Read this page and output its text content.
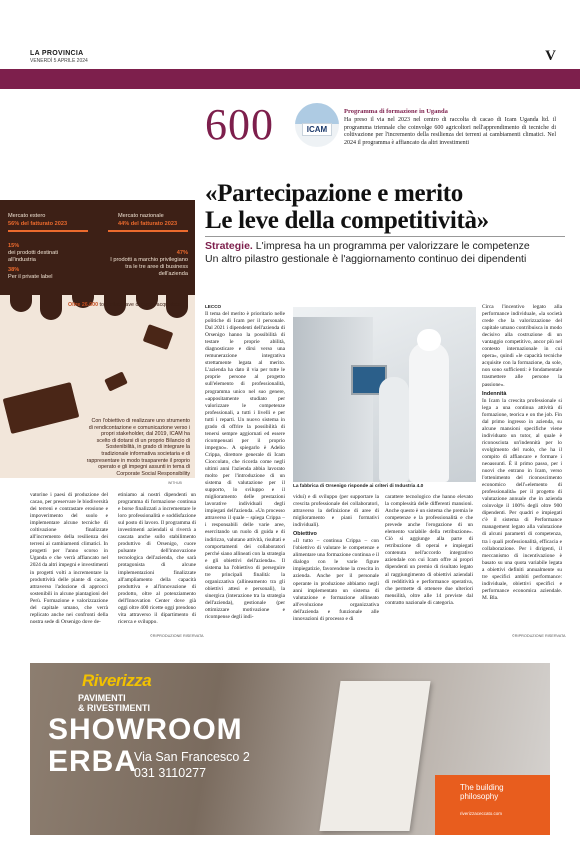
LA PROVINCIA
VENERDÌ 5 APRILE 2024	V
600	ICAM
Programma di formazione in Uganda
Ha preso il via nel 2023 nel centro di raccolta di cacao di Icam Uganda ltd. il programma triennale che coinvolge 600 agricoltori nell'apprendimento di tecniche di coltivazione per l'incremento della resilienza dei terreni ai cambiamenti climatici. Nel 2024 il programma è affiancato da altri investimenti
«Partecipazione e merito
Le leve della competitività»
Strategie. L'impresa ha un programma per valorizzare le competenze
Un altro pilastro gestionale è l'aggiornamento continuo dei dipendenti
Mercato estero
56% del fatturato 2023
Mercato nazionale
44% del fatturato 2023
15%
dei prodotti destinati all'industria
38%
Per il private label
47%
I prodotti a marchio privilegiano tra le tre aree di business dell'azienda
Oltre 26.000 tonnellate fave di cacao acquistate
Con l'obiettivo di realizzare uno strumento di rendicontazione e comunicazione verso i propri stakeholder, dal 2019, ICAM ha scelto di dotarsi di un proprio Bilancio di Sostenibilità, in grado di integrare la tradizionale informativa societaria e di rappresentare in modo trasparente il proprio operato e gli impegni assunti in tema di Corporate Social Responsibility
WITHUB

vatorine i paesi di produzione del cacao, per preservare le biodiversità dei terreni e contrastare erosione e impoverimento del suolo e implementare alcune tecniche di coltivazione finalizzate all'incremento della resilienza dei terreni ai cambiamenti climatici. In progetti per l'anno scorso in Uganda e che verrà affiancato nel 2024 da altri impegni e investimenti in progetti volti a incrementare la produttività delle piante di cacao, attraverso l'adozione di approcci sostenibili in alcune piantagioni del Perù. Formazione e valorizzazione del capitale umano, che verrà replicato anche nei confronti della nostra sede di Orsenigo dove de-

etiniamo ai nostri dipendenti un programma di formazione continua e borse finalizzati a incrementare le loro professionalità e soddisfazione sul posto di lavoro. Il programma di investimenti aziendali si riverrà a cascata anche sullo stabilimento produttivo di Orsenigo, cuore pulsante dell'innovazione tecnologica dell'azienda, che sarà protagonista di alcune implementazioni finalizzate all'ampliamento della capacità produttiva e all'innovazione di prodotto, oltre al potenziamento dell'Innovation Center dove già oggi oltre 400 ricette oggi prendono vita attraverso il dipartimento di ricerca e sviluppo.

©RIPRODUZIONE RISERVATA
LECCO

Il tema del merito è prioritario nelle politiche di Icam per il personale. Dal 2021 i dipendenti dell'azienda di Orsenigo hanno la possibilità di testare le proprie abilità, diagnosticare e dirsi verso una remunerazione integrativa strettamente legata al merito. L'azienda ha dato il via per tutte le proprie persone al progetto sull'elemento di professionalità, programma unico nel suo genere, «appositamente studiato per valorizzare le competenze professionali, a tutti i livelli e per tutti i reparti. Un nuovo sistema in grado di offrire la possibilità di tenersi sempre aggiornati ed essere ricompensati per il proprio impegno». A spiegarlo è Adelio Crippa, direttore generale di Icam Cioccolato, che ricorda come negli ultimi anni l'azienda abbia lavorato molto per l'introduzione di un sistema di valutazione per il supporto, lo sviluppo e il miglioramento delle prestazioni lavorative individuali degli impiegati dell'azienda. «Un processo attraverso il quale – spiega Crippa – i responsabili delle varie aree, esercitando un ruolo di guida e di indirizzo, valutano attività, risultati e comportamenti dei collaboratori perché siano allineati con la strategia e gli obiettivi dell'azienda». Il sistema ha l'obiettivo di perseguire tre principali finalità: la organizzativa (allineamento tra gli obiettivi attesi e personali), la sinergica (interazione tra la strategia dell'azienda), gestionale (per ottimizzare motivazione e ricompense degli indi-

La fabbrica di Orsenigo risponde ai criteri di Industria 4.0

vidui) e di sviluppo (per supportare la crescita professionale dei collaboratori, attraverso la definizione di aree di miglioramento e piani formativi individuali).

Obiettivo

«Il tutto – continua Crippa – con l'obiettivo di valutare le competenze e alimentare una formazione continua e il dialogo con le varie figure impiegatizie, favorendone la crescita in azienda. Anche per il personale operante in produzione abbiamo negli anni implementato un sistema di valutazione e formazione allineato all'evoluzione organizzativa dell'azienda e funzionale alle innovazioni di processo e di

carattere tecnologico che hanno elevato la complessità delle differenti mansioni. Anche questo è un sistema che premia le competenze e la professionalità e che prevede anche l'erogazione di un elemento variabile della retribuzione». Ciò si aggiunge alla parte di retribuzione di operai e impiegati contenuta nell'accordo integrativo aziendale con cui Icam offre ai propri dipendenti un premio di risultato legato al raggiungimento di obiettivi aziendali di redditività e performance operativa, che permette di ottenere due ulteriori mensilità, oltre alle 14 previste dal contratto nazionale di categoria.

Circa l'incentivo legato alla performance individuale, «la società crede che la valorizzazione del capitale umano contribuisca in modo decisivo alla costruzione di un vantaggio competitivo, ancor più nel contesto internazionale in cui opera», quindi «le capacità tecniche acquisite con la formazione, da sole, non sono sufficienti: è fondamentale trasmettere alle persone la passione».

Indennità

In Icam la crescita professionale si lega a una continua attività di formazione, teorica e on the job. Fin dal primo ingresso in azienda, su alcune mansioni specifiche viene individuato un tutor, al quale è riconosciuta un'indennità per lo svolgimento del ruolo, che ha il compito di affiancare e formare i neoassunti. È il primo passo, per i nuovi che entrano in Icam, verso l'ottenimento del riconoscimento economico dell'«elemento di professionalità» per il progetto di valutazione annuale che in azienda coinvolge il 100% degli oltre 900 dipendenti. Per quadri e impiegati c'è il sistema di Performance management legato alla valutazione di alcuni parametri di competenza, tra i quali professionalità, efficacia e collaborazione. Per i dirigenti, il meccanismo di incentivazione è basato su una quota variabile legata a obiettivi definiti annualmente su tre specifici ambiti performance: individuale, obiettivi specifici e performance economica aziendale. M. Bla.

©RIPRODUZIONE RISERVATA
Riverizza
PAVIMENTI
& RIVESTIMENTI
SHOWROOM
ERBA
Via San Francesco 2
031 3110277
The building
philosophy
riverizzaceccato.com
